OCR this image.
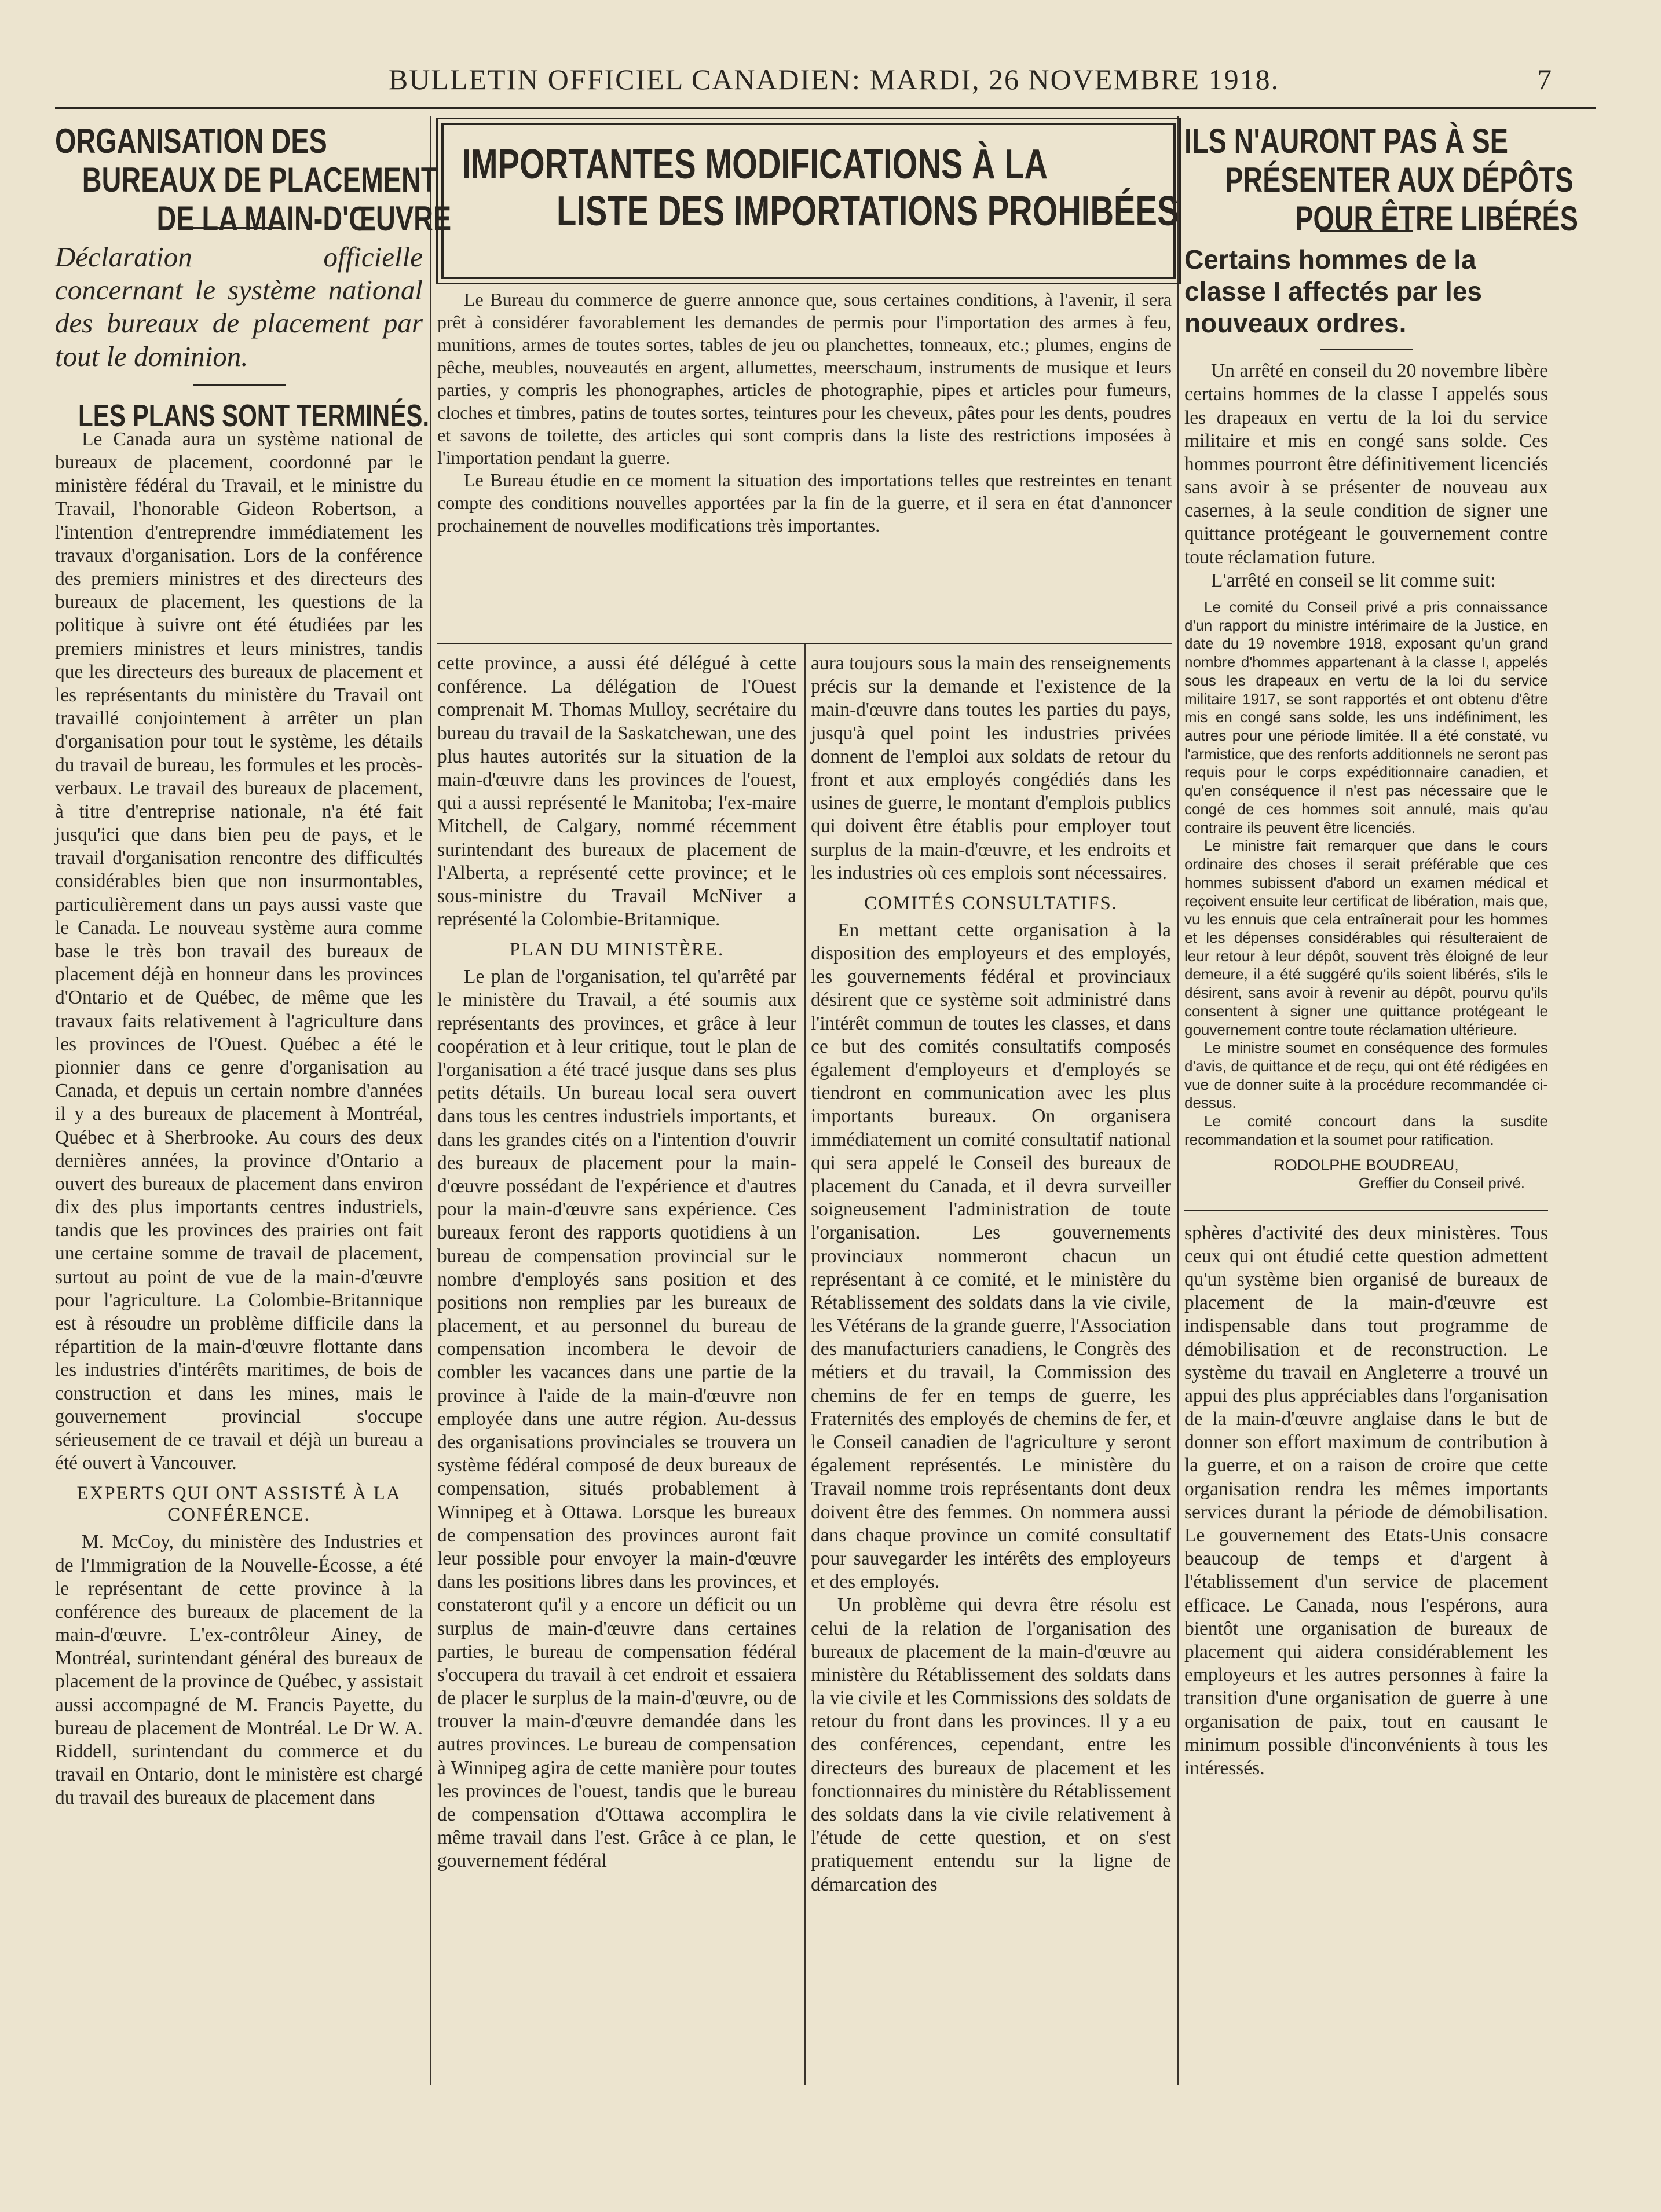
BULLETIN OFFICIEL CANADIEN: MARDI, 26 NOVEMBRE 1918.	7
ORGANISATION DES
BUREAUX DE PLACEMENT
DE LA MAIN-D'ŒUVRE

Déclaration officielle concernant le système national des bureaux de placement par tout le dominion.

LES PLANS SONT TERMINÉS.

Le Canada aura un système national de bureaux de placement, coordonné par le ministère fédéral du Travail, et le ministre du Travail, l'honorable Gideon Robertson, a l'intention d'entreprendre immédiatement les travaux d'organisation. Lors de la conférence des premiers ministres et des directeurs des bureaux de placement, les questions de la politique à suivre ont été étudiées par les premiers ministres et leurs ministres, tandis que les directeurs des bureaux de placement et les représentants du ministère du Travail ont travaillé conjointement à arrêter un plan d'organisation pour tout le système, les détails du travail de bureau, les formules et les procès-verbaux. Le travail des bureaux de placement, à titre d'entreprise nationale, n'a été fait jusqu'ici que dans bien peu de pays, et le travail d'organisation rencontre des difficultés considérables bien que non insurmontables, particulièrement dans un pays aussi vaste que le Canada. Le nouveau système aura comme base le très bon travail des bureaux de placement déjà en honneur dans les provinces d'Ontario et de Québec, de même que les travaux faits relativement à l'agriculture dans les provinces de l'Ouest. Québec a été le pionnier dans ce genre d'organisation au Canada, et depuis un certain nombre d'années il y a des bureaux de placement à Montréal, Québec et à Sherbrooke. Au cours des deux dernières années, la province d'Ontario a ouvert des bureaux de placement dans environ dix des plus importants centres industriels, tandis que les provinces des prairies ont fait une certaine somme de travail de placement, surtout au point de vue de la main-d'œuvre pour l'agriculture. La Colombie-Britannique est à résoudre un problème difficile dans la répartition de la main-d'œuvre flottante dans les industries d'intérêts maritimes, de bois de construction et dans les mines, mais le gouvernement provincial s'occupe sérieusement de ce travail et déjà un bureau a été ouvert à Vancouver.

EXPERTS QUI ONT ASSISTÉ À LA CONFÉRENCE.

M. McCoy, du ministère des Industries et de l'Immigration de la Nouvelle-Écosse, a été le représentant de cette province à la conférence des bureaux de placement de la main-d'œuvre. L'ex-contrôleur Ainey, de Montréal, surintendant général des bureaux de placement de la province de Québec, y assistait aussi accompagné de M. Francis Payette, du bureau de placement de Montréal. Le Dr W. A. Riddell, surintendant du commerce et du travail en Ontario, dont le ministère est chargé du travail des bureaux de placement dans

IMPORTANTES MODIFICATIONS À LA
LISTE DES IMPORTATIONS PROHIBÉES

Le Bureau du commerce de guerre annonce que, sous certaines conditions, à l'avenir, il sera prêt à considérer favorablement les demandes de permis pour l'importation des armes à feu, munitions, armes de toutes sortes, tables de jeu ou planchettes, tonneaux, etc.; plumes, engins de pêche, meubles, nouveautés en argent, allumettes, meerschaum, instruments de musique et leurs parties, y compris les phonographes, articles de photographie, pipes et articles pour fumeurs, cloches et timbres, patins de toutes sortes, teintures pour les cheveux, pâtes pour les dents, poudres et savons de toilette, des articles qui sont compris dans la liste des restrictions imposées à l'importation pendant la guerre.

Le Bureau étudie en ce moment la situation des importations telles que restreintes en tenant compte des conditions nouvelles apportées par la fin de la guerre, et il sera en état d'annoncer prochainement de nouvelles modifications très importantes.

cette province, a aussi été délégué à cette conférence. La délégation de l'Ouest comprenait M. Thomas Mulloy, secrétaire du bureau du travail de la Saskatchewan, une des plus hautes autorités sur la situation de la main-d'œuvre dans les provinces de l'ouest, qui a aussi représenté le Manitoba; l'ex-maire Mitchell, de Calgary, nommé récemment surintendant des bureaux de placement de l'Alberta, a représenté cette province; et le sous-ministre du Travail McNiver a représenté la Colombie-Britannique.

PLAN DU MINISTÈRE.

Le plan de l'organisation, tel qu'arrêté par le ministère du Travail, a été soumis aux représentants des provinces, et grâce à leur coopération et à leur critique, tout le plan de l'organisation a été tracé jusque dans ses plus petits détails. Un bureau local sera ouvert dans tous les centres industriels importants, et dans les grandes cités on a l'intention d'ouvrir des bureaux de placement pour la main-d'œuvre possédant de l'expérience et d'autres pour la main-d'œuvre sans expérience. Ces bureaux feront des rapports quotidiens à un bureau de compensation provincial sur le nombre d'employés sans position et des positions non remplies par les bureaux de placement, et au personnel du bureau de compensation incombera le devoir de combler les vacances dans une partie de la province à l'aide de la main-d'œuvre non employée dans une autre région. Au-dessus des organisations provinciales se trouvera un système fédéral composé de deux bureaux de compensation, situés probablement à Winnipeg et à Ottawa. Lorsque les bureaux de compensation des provinces auront fait leur possible pour envoyer la main-d'œuvre dans les positions libres dans les provinces, et constateront qu'il y a encore un déficit ou un surplus de main-d'œuvre dans certaines parties, le bureau de compensation fédéral s'occupera du travail à cet endroit et essaiera de placer le surplus de la main-d'œuvre, ou de trouver la main-d'œuvre demandée dans les autres provinces. Le bureau de compensation à Winnipeg agira de cette manière pour toutes les provinces de l'ouest, tandis que le bureau de compensation d'Ottawa accomplira le même travail dans l'est. Grâce à ce plan, le gouvernement fédéral

aura toujours sous la main des renseignements précis sur la demande et l'existence de la main-d'œuvre dans toutes les parties du pays, jusqu'à quel point les industries privées donnent de l'emploi aux soldats de retour du front et aux employés congédiés dans les usines de guerre, le montant d'emplois publics qui doivent être établis pour employer tout surplus de la main-d'œuvre, et les endroits et les industries où ces emplois sont nécessaires.

COMITÉS CONSULTATIFS.

En mettant cette organisation à la disposition des employeurs et des employés, les gouvernements fédéral et provinciaux désirent que ce système soit administré dans l'intérêt commun de toutes les classes, et dans ce but des comités consultatifs composés également d'employeurs et d'employés se tiendront en communication avec les plus importants bureaux. On organisera immédiatement un comité consultatif national qui sera appelé le Conseil des bureaux de placement du Canada, et il devra surveiller soigneusement l'administration de toute l'organisation. Les gouvernements provinciaux nommeront chacun un représentant à ce comité, et le ministère du Rétablissement des soldats dans la vie civile, les Vétérans de la grande guerre, l'Association des manufacturiers canadiens, le Congrès des métiers et du travail, la Commission des chemins de fer en temps de guerre, les Fraternités des employés de chemins de fer, et le Conseil canadien de l'agriculture y seront également représentés. Le ministère du Travail nomme trois représentants dont deux doivent être des femmes. On nommera aussi dans chaque province un comité consultatif pour sauvegarder les intérêts des employeurs et des employés.

Un problème qui devra être résolu est celui de la relation de l'organisation des bureaux de placement de la main-d'œuvre au ministère du Rétablissement des soldats dans la vie civile et les Commissions des soldats de retour du front dans les provinces. Il y a eu des conférences, cependant, entre les directeurs des bureaux de placement et les fonctionnaires du ministère du Rétablissement des soldats dans la vie civile relativement à l'étude de cette question, et on s'est pratiquement entendu sur la ligne de démarcation des

ILS N'AURONT PAS À SE
PRÉSENTER AUX DÉPÔTS
POUR ÊTRE LIBÉRÉS

Certains hommes de la classe I affectés par les nouveaux ordres.

Un arrêté en conseil du 20 novembre libère certains hommes de la classe I appelés sous les drapeaux en vertu de la loi du service militaire et mis en congé sans solde. Ces hommes pourront être définitivement licenciés sans avoir à se présenter de nouveau aux casernes, à la seule condition de signer une quittance protégeant le gouvernement contre toute réclamation future.

L'arrêté en conseil se lit comme suit:

Le comité du Conseil privé a pris connaissance d'un rapport du ministre intérimaire de la Justice, en date du 19 novembre 1918, exposant qu'un grand nombre d'hommes appartenant à la classe I, appelés sous les drapeaux en vertu de la loi du service militaire 1917, se sont rapportés et ont obtenu d'être mis en congé sans solde, les uns indéfiniment, les autres pour une période limitée. Il a été constaté, vu l'armistice, que des renforts additionnels ne seront pas requis pour le corps expéditionnaire canadien, et qu'en conséquence il n'est pas nécessaire que le congé de ces hommes soit annulé, mais qu'au contraire ils peuvent être licenciés.

Le ministre fait remarquer que dans le cours ordinaire des choses il serait préférable que ces hommes subissent d'abord un examen médical et reçoivent ensuite leur certificat de libération, mais que, vu les ennuis que cela entraînerait pour les hommes et les dépenses considérables qui résulteraient de leur retour à leur dépôt, souvent très éloigné de leur demeure, il a été suggéré qu'ils soient libérés, s'ils le désirent, sans avoir à revenir au dépôt, pourvu qu'ils consentent à signer une quittance protégeant le gouvernement contre toute réclamation ultérieure.

Le ministre soumet en conséquence des formules d'avis, de quittance et de reçu, qui ont été rédigées en vue de donner suite à la procédure recommandée ci-dessus.

Le comité concourt dans la susdite recommandation et la soumet pour ratification.

RODOLPHE BOUDREAU,
Greffier du Conseil privé.

sphères d'activité des deux ministères. Tous ceux qui ont étudié cette question admettent qu'un système bien organisé de bureaux de placement de la main-d'œuvre est indispensable dans tout programme de démobilisation et de reconstruction. Le système du travail en Angleterre a trouvé un appui des plus appréciables dans l'organisation de la main-d'œuvre anglaise dans le but de donner son effort maximum de contribution à la guerre, et on a raison de croire que cette organisation rendra les mêmes importants services durant la période de démobilisation. Le gouvernement des Etats-Unis consacre beaucoup de temps et d'argent à l'établissement d'un service de placement efficace. Le Canada, nous l'espérons, aura bientôt une organisation de bureaux de placement qui aidera considérablement les employeurs et les autres personnes à faire la transition d'une organisation de guerre à une organisation de paix, tout en causant le minimum possible d'inconvénients à tous les intéressés.
